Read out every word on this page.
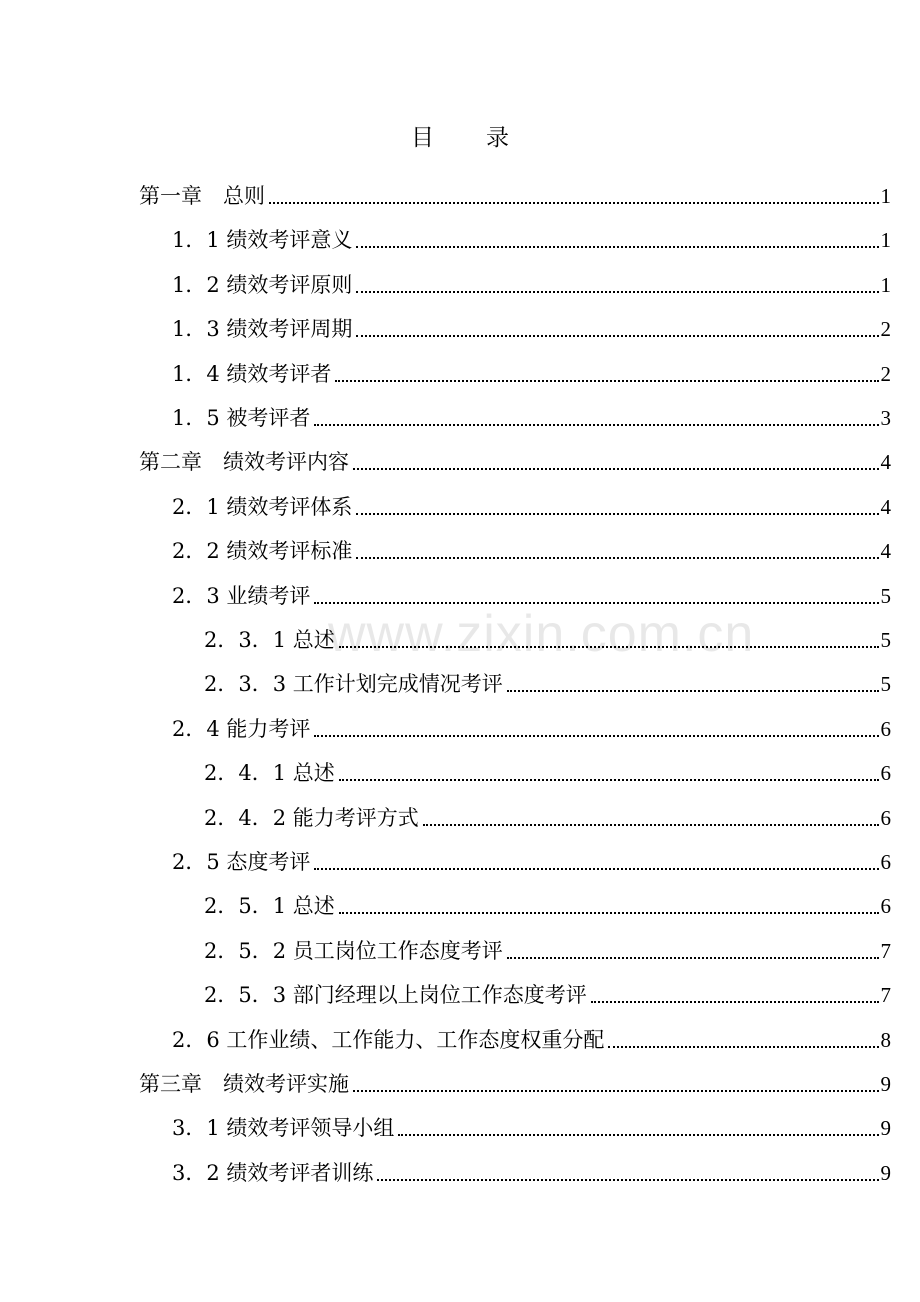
目 录
第一章　总则	1
1．1 绩效考评意义	1
1．2 绩效考评原则	1
1．3 绩效考评周期	2
1．4 绩效考评者	2
1．5 被考评者	3
第二章　绩效考评内容	4
2．1 绩效考评体系	4
2．2 绩效考评标准	4
2．3 业绩考评	5
2．3．1 总述	5
2．3．3 工作计划完成情况考评	5
2．4 能力考评	6
2．4．1 总述	6
2．4．2 能力考评方式	6
2．5 态度考评	6
2．5．1 总述	6
2．5．2 员工岗位工作态度考评	7
2．5．3 部门经理以上岗位工作态度考评	7
2．6 工作业绩、工作能力、工作态度权重分配	8
第三章　绩效考评实施	9
3．1 绩效考评领导小组	9
3．2 绩效考评者训练	9
www.zixin.com.cn
